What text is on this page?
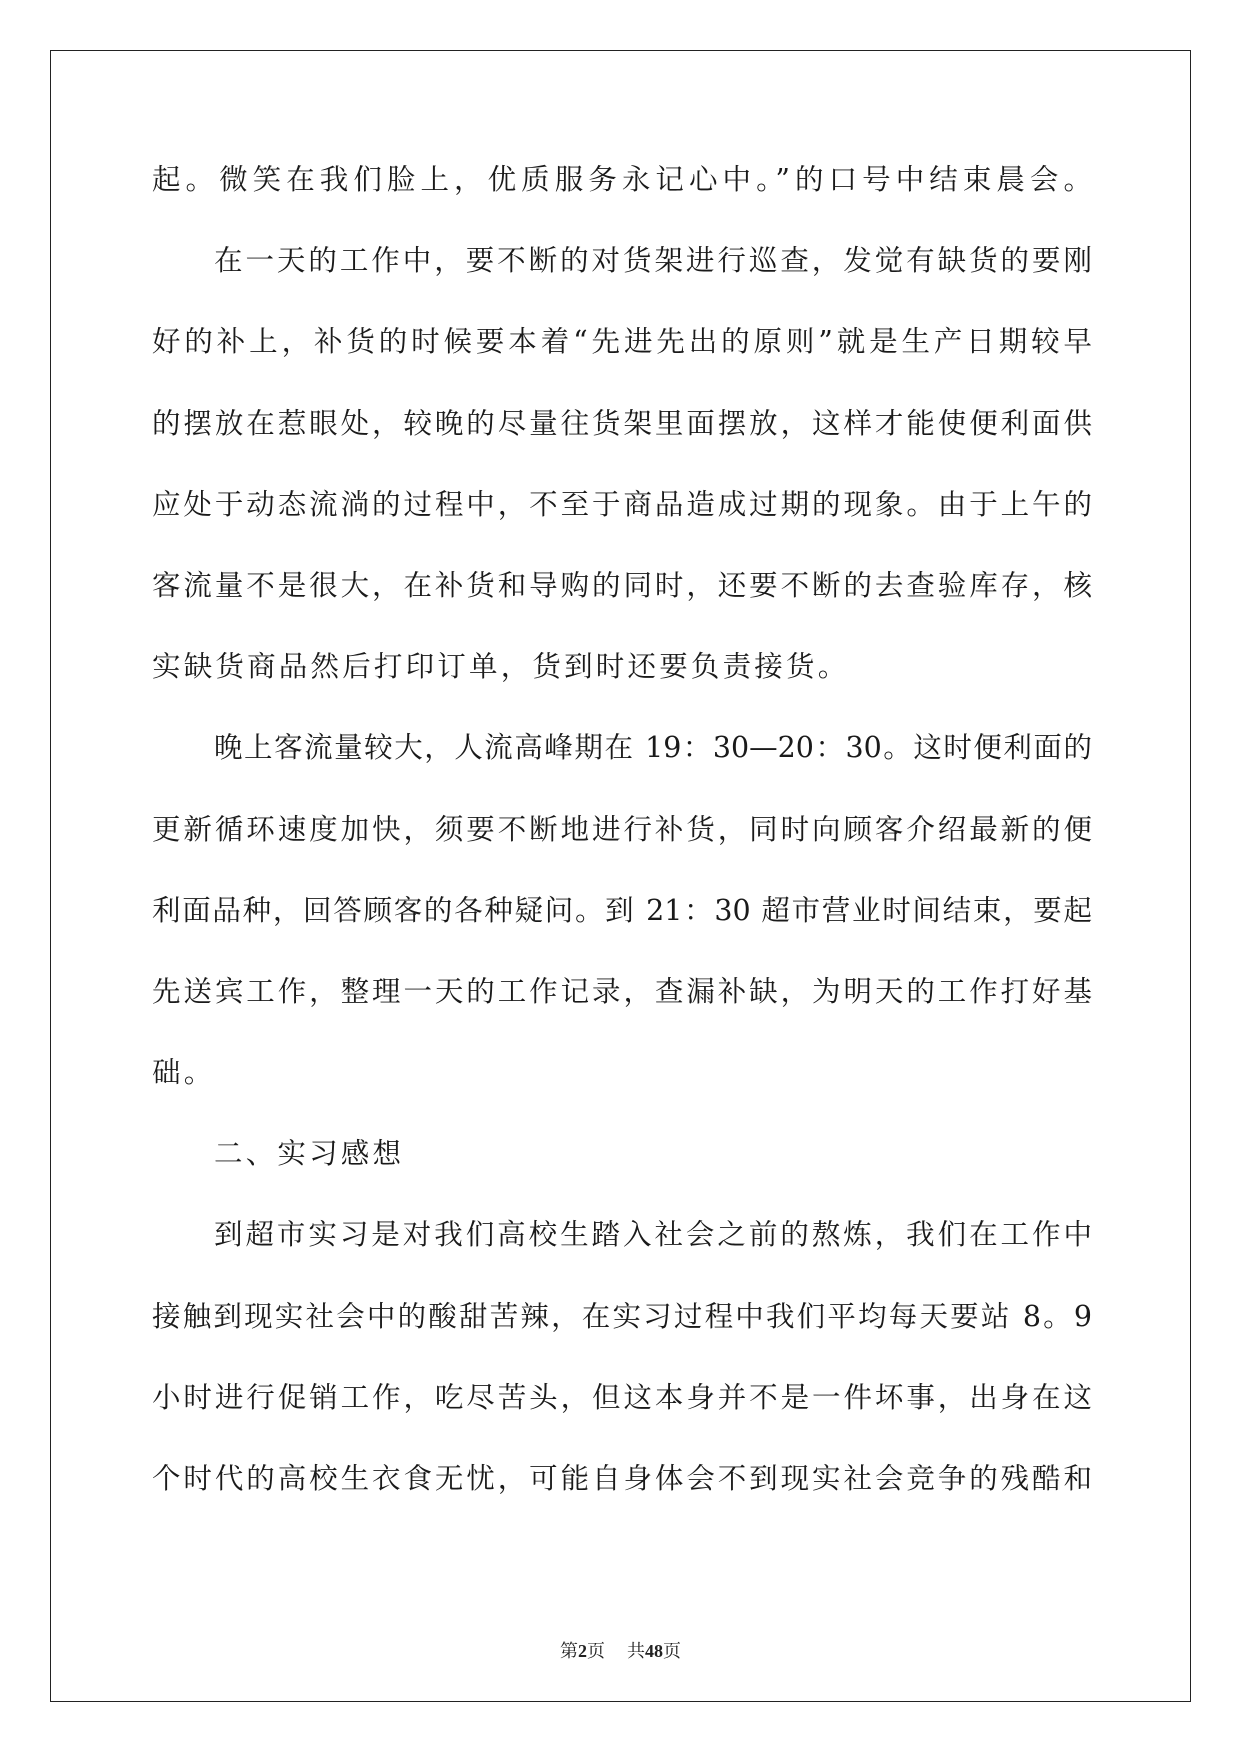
起。微笑在我们脸上，优质服务永记心中。”的口号中结束晨会。
在一天的工作中，要不断的对货架进行巡查，发觉有缺货的要刚
好的补上，补货的时候要本着“先进先出的原则”就是生产日期较早
的摆放在惹眼处，较晚的尽量往货架里面摆放，这样才能使便利面供
应处于动态流淌的过程中，不至于商品造成过期的现象。由于上午的
客流量不是很大，在补货和导购的同时，还要不断的去查验库存，核
实缺货商品然后打印订单，货到时还要负责接货。
晚上客流量较大，人流高峰期在 19：30—20：30。这时便利面的
更新循环速度加快，须要不断地进行补货，同时向顾客介绍最新的便
利面品种，回答顾客的各种疑问。到 21：30 超市营业时间结束，要起
先送宾工作，整理一天的工作记录，查漏补缺，为明天的工作打好基
础。
二、实习感想
到超市实习是对我们高校生踏入社会之前的熬炼，我们在工作中
接触到现实社会中的酸甜苦辣，在实习过程中我们平均每天要站 8。9
小时进行促销工作，吃尽苦头，但这本身并不是一件坏事，出身在这
个时代的高校生衣食无忧，可能自身体会不到现实社会竞争的残酷和
第2页 共48页
